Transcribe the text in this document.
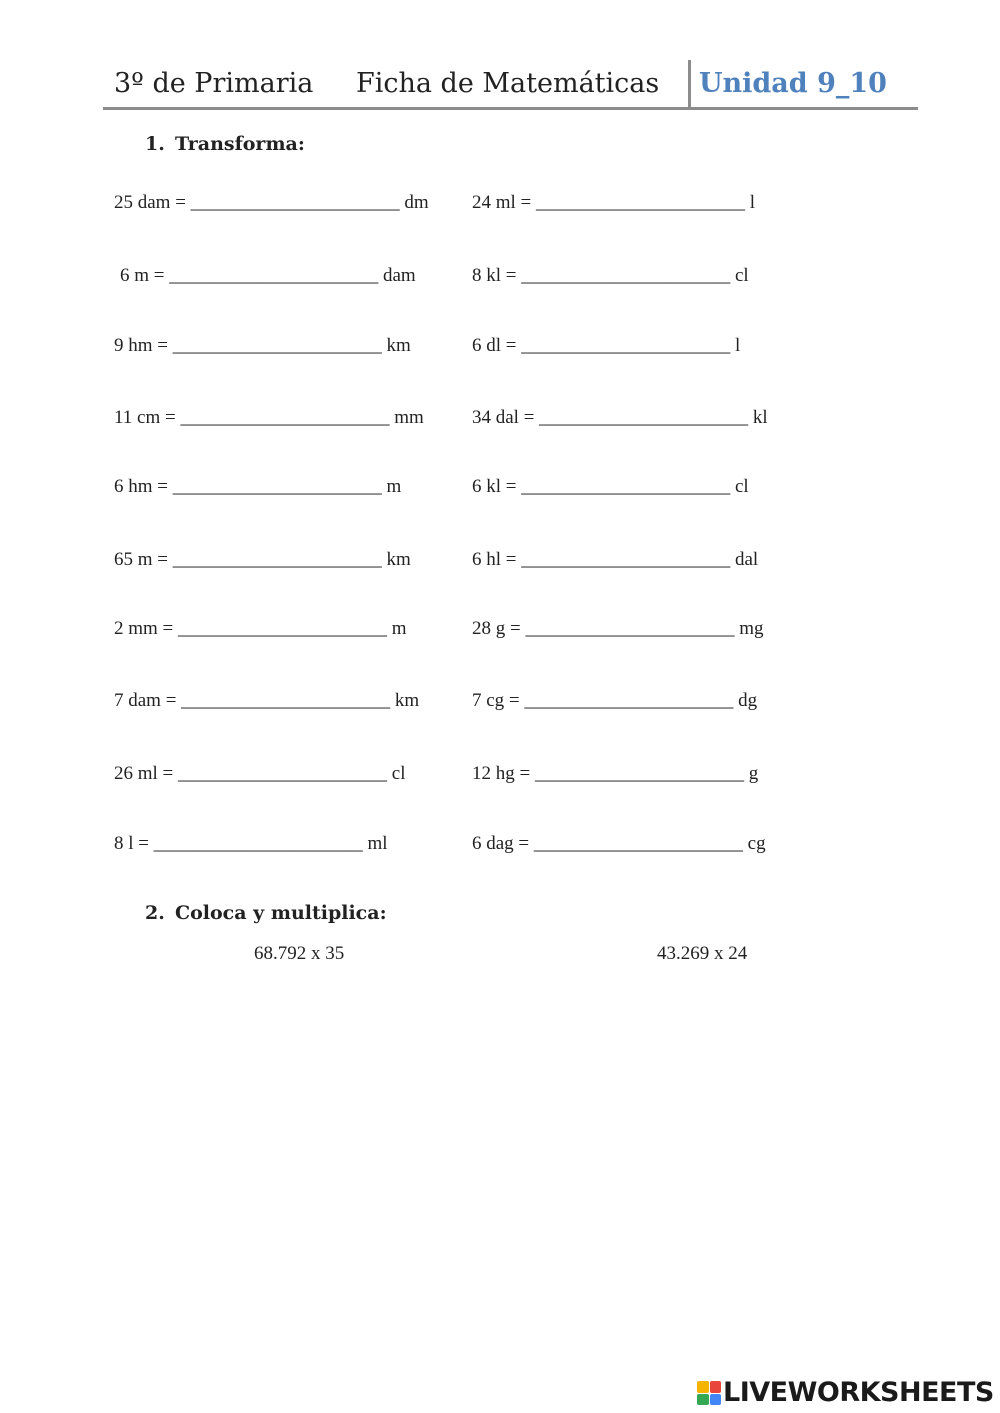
3º de Primaria Ficha de Matemáticas Unidad 9_10
1. Transforma:
25 dam = ______________________ dm
6 m = ______________________ dam
9 hm = ______________________ km
11 cm = ______________________ mm
6 hm = ______________________ m
65 m = ______________________ km
2 mm = ______________________ m
7 dam = ______________________ km
26 ml = ______________________ cl
8 l = ______________________ ml
24 ml = ______________________ l
8 kl = ______________________ cl
6 dl = ______________________ l
34 dal = ______________________ kl
6 kl = ______________________ cl
6 hl = ______________________ dal
28 g = ______________________ mg
7 cg = ______________________ dg
12 hg = ______________________ g
6 dag = ______________________ cg
2. Coloca y multiplica:
68.792 x 35	43.269 x 24
LIVEWORKSHEETS
